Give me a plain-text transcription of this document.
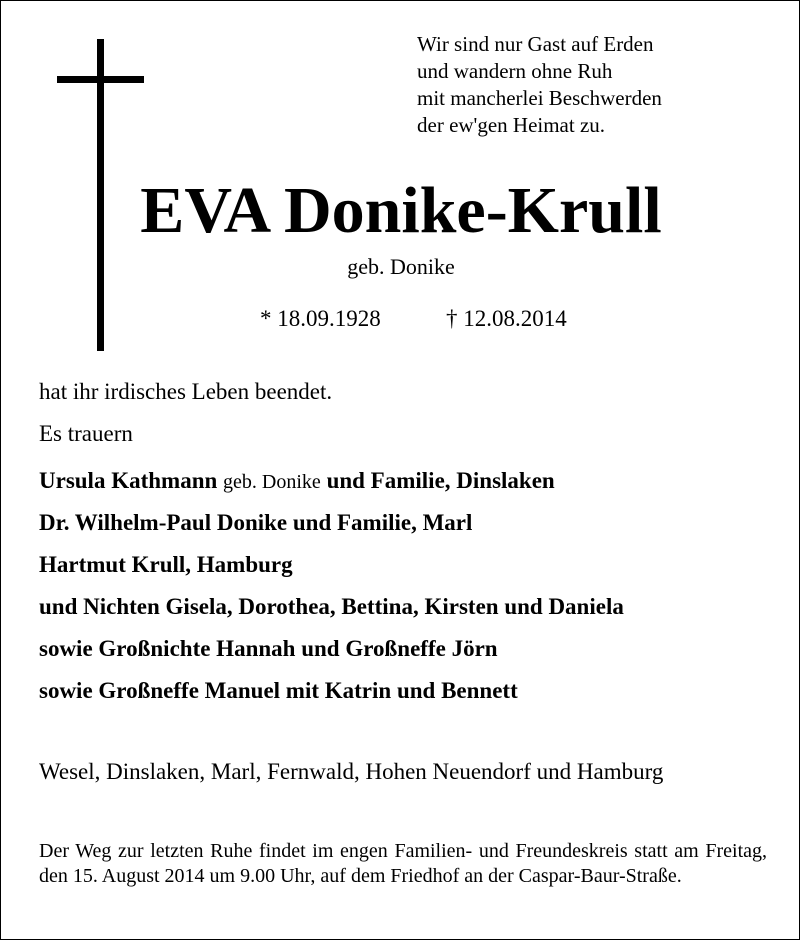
Wir sind nur Gast auf Erden
und wandern ohne Ruh
mit mancherlei Beschwerden
der ew'gen Heimat zu.
EVA Donike-Krull
geb. Donike
* 18.09.1928	† 12.08.2014
hat ihr irdisches Leben beendet.
Es trauern
Ursula Kathmann geb. Donike und Familie, Dinslaken
Dr. Wilhelm-Paul Donike und Familie, Marl
Hartmut Krull, Hamburg
und Nichten Gisela, Dorothea, Bettina, Kirsten und Daniela
sowie Großnichte Hannah und Großneffe Jörn
sowie Großneffe Manuel mit Katrin und Bennett
Wesel, Dinslaken, Marl, Fernwald, Hohen Neuendorf und Hamburg
Der Weg zur letzten Ruhe findet im engen Familien- und Freundeskreis statt am Freitag, den 15. August 2014 um 9.00 Uhr, auf dem Friedhof an der Caspar-Baur-Straße.
